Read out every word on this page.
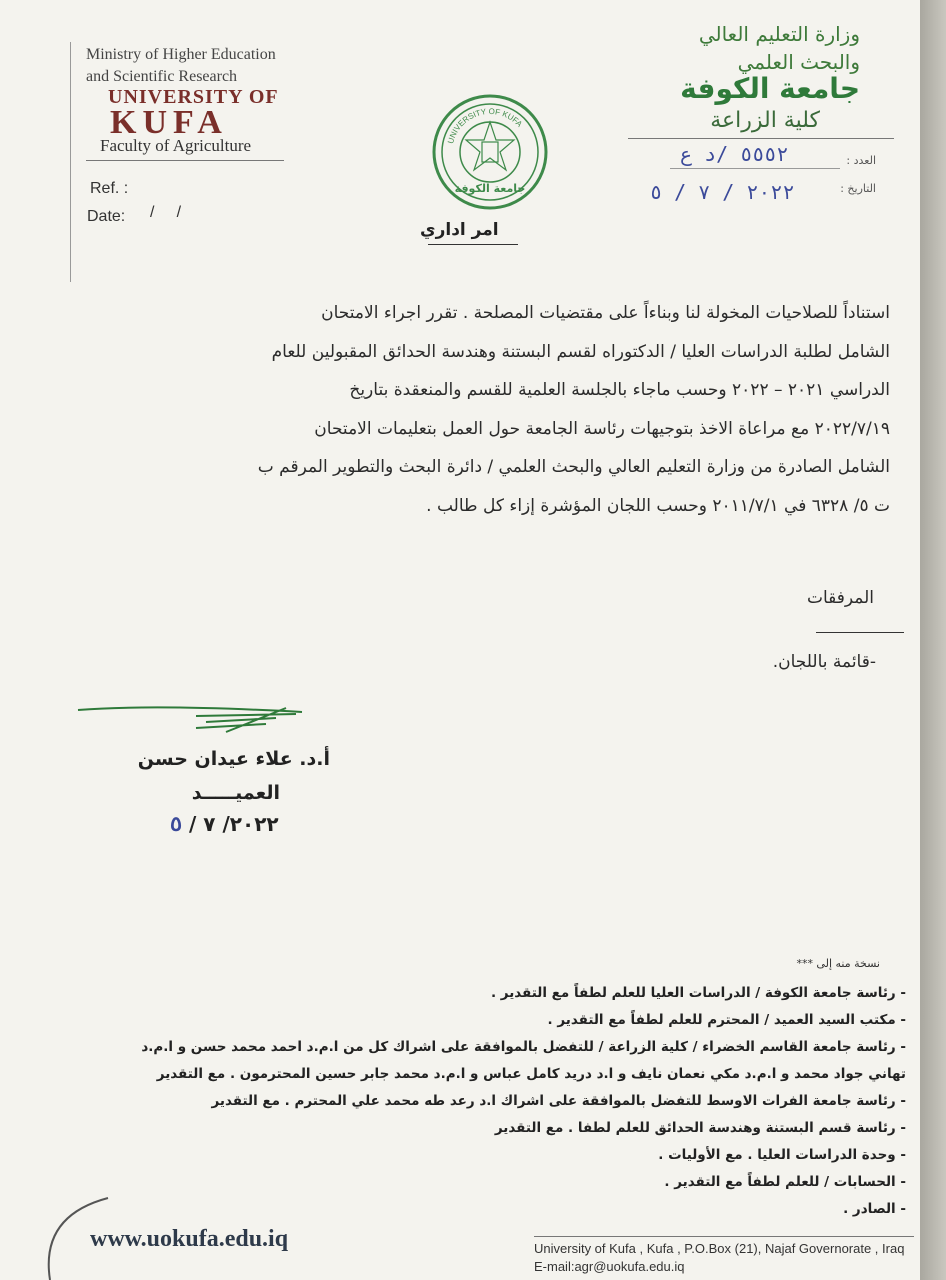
Ministry of Higher Education
and Scientific Research
UNIVERSITY OF
KUFA
Faculty of Agriculture
Ref. :
Date: /     /
وزارة التعليم العالي
والبحث العلمي
جامعة الكوفة
كلية الزراعة
العدد :
التاريخ :
٥٥٥٢ /د ع
٢٠٢٢ / ٧ / ٥
UNIVERSITY OF KUFA
جامعة الكوفة
امر اداري

استناداً للصلاحيات المخولة لنا وبناءاً على مقتضيات المصلحة . تقرر اجراء الامتحان

الشامل لطلبة الدراسات العليا / الدكتوراه لقسم البستنة وهندسة الحدائق المقبولين للعام

الدراسي ٢٠٢١ – ٢٠٢٢ وحسب ماجاء بالجلسة العلمية للقسم والمنعقدة بتاريخ

٢٠٢٢/٧/١٩ مع مراعاة الاخذ بتوجيهات رئاسة الجامعة حول العمل بتعليمات الامتحان

الشامل الصادرة من وزارة التعليم العالي والبحث العلمي / دائرة البحث والتطوير المرقم ب

ت ٥/ ٦٣٢٨ في ٢٠١١/٧/١ وحسب اللجان المؤشرة إزاء كل طالب .

المرفقات
-قائمة باللجان.
أ.د. علاء عيدان حسن
العميـــــد
٢٠٢٢/ ٧ / ٥
نسخة منه إلى ***
- رئاسة جامعة الكوفة / الدراسات العليا للعلم لطفاً مع التقدير .
- مكتب السيد العميد / المحترم للعلم لطفاً مع التقدير .
- رئاسة جامعة القاسم الخضراء / كلية الزراعة / للتفضل بالموافقة على اشراك كل من ا.م.د احمد محمد حسن و ا.م.د
تهاني جواد محمد و ا.م.د مكي نعمان نايف و ا.د دريد كامل عباس و ا.م.د محمد جابر حسين المحترمون . مع التقدير
- رئاسة جامعة الفرات الاوسط للتفضل بالموافقة على اشراك ا.د رعد طه محمد علي المحترم . مع التقدير
- رئاسة قسم البستنة وهندسة الحدائق للعلم لطفا . مع التقدير
- وحدة الدراسات العليا . مع الأوليات .
- الحسابات / للعلم لطفاً مع التقدير .
- الصادر .
www.uokufa.edu.iq	University of Kufa , Kufa , P.O.Box (21), Najaf Governorate , Iraq
E-mail:agr@uokufa.edu.iq
